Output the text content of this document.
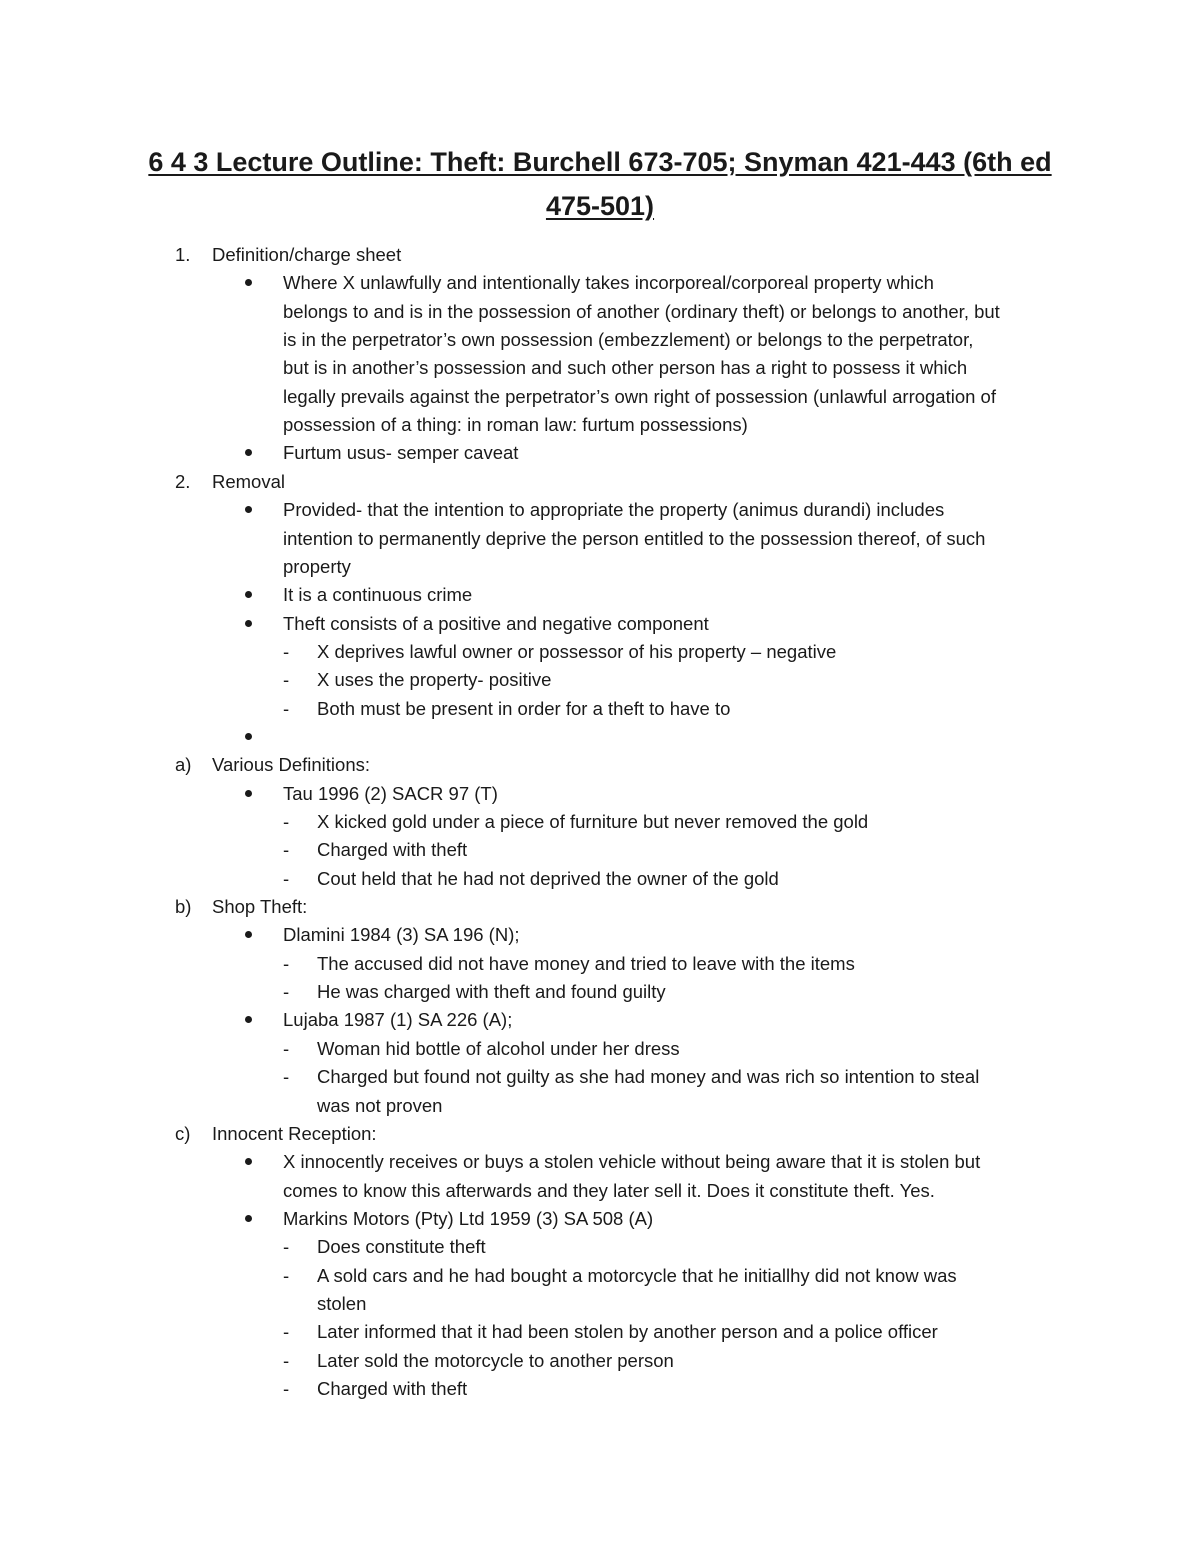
6 4 3 Lecture Outline: Theft: Burchell 673-705; Snyman 421-443 (6th ed 475-501)
1. Definition/charge sheet
Where X unlawfully and intentionally takes incorporeal/corporeal property which
belongs to and is in the possession of another (ordinary theft) or belongs to another, but
is in the perpetrator’s own possession (embezzlement) or belongs to the perpetrator,
but is in another’s possession and such other person has a right to possess it which
legally prevails against the perpetrator’s own right of possession (unlawful arrogation of
possession of a thing: in roman law: furtum possessions)
Furtum usus- semper caveat
2. Removal
Provided- that the intention to appropriate the property (animus durandi) includes
intention to permanently deprive the person entitled to the possession thereof, of such
property
It is a continuous crime
Theft consists of a positive and negative component
- X deprives lawful owner or possessor of his property – negative
- X uses the property- positive
- Both must be present in order for a theft to have to
a) Various Definitions:
Tau 1996 (2) SACR 97 (T)
- X kicked gold under a piece of furniture but never removed the gold
- Charged with theft
- Cout held that he had not deprived the owner of the gold
b) Shop Theft:
Dlamini 1984 (3) SA 196 (N);
- The accused did not have money and tried to leave with the items
- He was charged with theft and found guilty
Lujaba 1987 (1) SA 226 (A);
- Woman hid bottle of alcohol under her dress
- Charged but found not guilty as she had money and was rich so intention to steal
was not proven
c) Innocent Reception:
X innocently receives or buys a stolen vehicle without being aware that it is stolen but
comes to know this afterwards and they later sell it. Does it constitute theft. Yes.
Markins Motors (Pty) Ltd 1959 (3) SA 508 (A)
- Does constitute theft
- A sold cars and he had bought a motorcycle that he initiallhy did not know was
stolen
- Later informed that it had been stolen by another person and a police officer
- Later sold the motorcycle to another person
- Charged with theft
